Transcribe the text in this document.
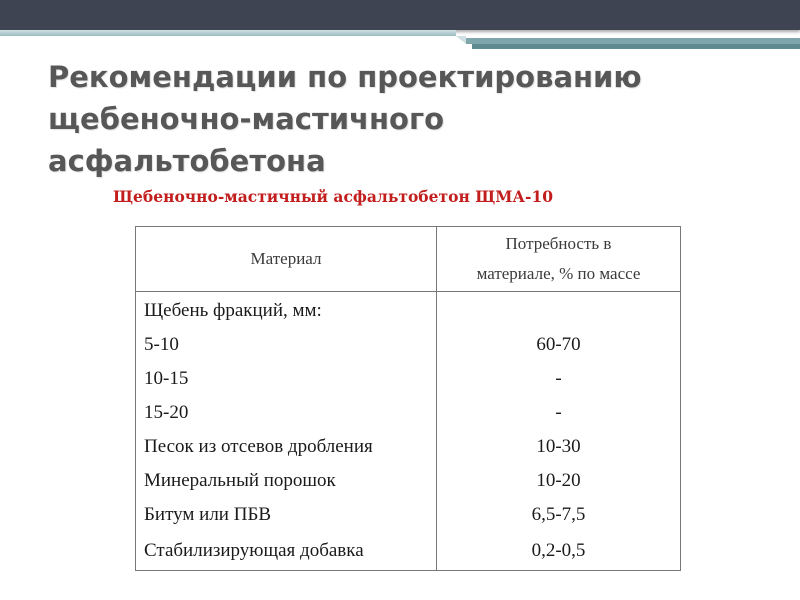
Рекомендации по проектированию
щебеночно-мастичного
асфальтобетона
Щебеночно-мастичный асфальтобетон ЩМА-10
Материал	Потребность в
материале, % по массе
Щебень фракций, мм:	
5-10	60-70
10-15	-
15-20	-
Песок из отсевов дробления	10-30
Минеральный порошок	10-20
Битум или ПБВ	6,5-7,5
Стабилизирующая добавка	0,2-0,5
